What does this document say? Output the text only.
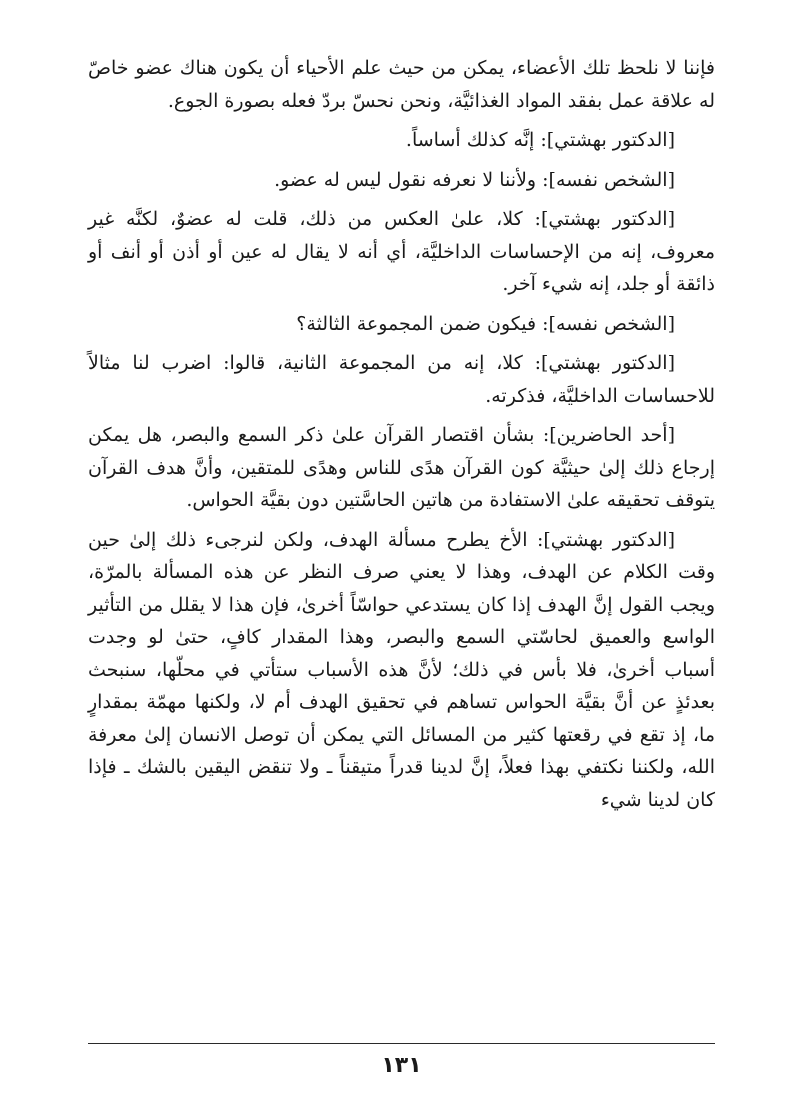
فإننا لا نلحظ تلك الأعضاء، يمكن من حيث علم الأحياء أن يكون هناك عضو خاصّ له علاقة عمل بفقد المواد الغذائيَّة، ونحن نحسّ بردّ فعله بصورة الجوع.

[الدكتور بهشتي]: إنَّه كذلك أساساً.

[الشخص نفسه]: ولأننا لا نعرفه نقول ليس له عضو.

[الدكتور بهشتي]: كلا، علىٰ العكس من ذلك، قلت له عضوٌ، لكنَّه غير معروف، إنه من الإحساسات الداخليَّة، أي أنه لا يقال له عين أو أذن أو أنف أو ذائقة أو جلد، إنه شيء آخر.

[الشخص نفسه]: فيكون ضمن المجموعة الثالثة؟

[الدكتور بهشتي]: كلا، إنه من المجموعة الثانية، قالوا: اضرب لنا مثالاً للاحساسات الداخليَّة، فذكرته.

[أحد الحاضرين]: بشأن اقتصار القرآن علىٰ ذكر السمع والبصر، هل يمكن إرجاع ذلك إلىٰ حيثيَّة كون القرآن هدًى للناس وهدًى للمتقين، وأنَّ هدف القرآن يتوقف تحقيقه علىٰ الاستفادة من هاتين الحاسَّتين دون بقيَّة الحواس.

[الدكتور بهشتي]: الأخ يطرح مسألة الهدف، ولكن لنرجىء ذلك إلىٰ حين وقت الكلام عن الهدف، وهذا لا يعني صرف النظر عن هذه المسألة بالمرّة، ويجب القول إنَّ الهدف إذا كان يستدعي حواسّاً أخرىٰ، فإن هذا لا يقلل من التأثير الواسع والعميق لحاسّتي السمع والبصر، وهذا المقدار كافٍ، حتىٰ لو وجدت أسباب أخرىٰ، فلا بأس في ذلك؛ لأنَّ هذه الأسباب ستأتي في محلّها، سنبحث بعدئذٍ عن أنَّ بقيَّة الحواس تساهم في تحقيق الهدف أم لا، ولكنها مهمّة بمقدارٍ ما، إذ تقع في رقعتها كثير من المسائل التي يمكن أن توصل الانسان إلىٰ معرفة الله، ولكننا نكتفي بهذا فعلاً، إنَّ لدينا قدراً متيقناً ـ ولا تنقض اليقين بالشك ـ فإذا كان لدينا شيء

١٣١
